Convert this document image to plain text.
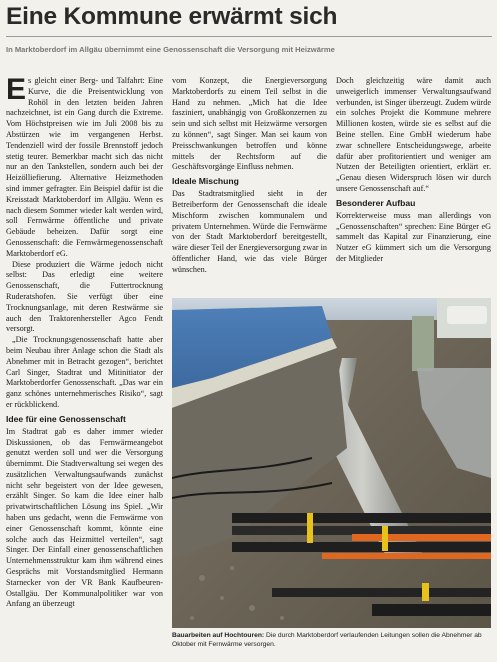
Eine Kommune erwärmt sich
In Marktoberdorf im Allgäu übernimmt eine Genossenschaft die Versorgung mit Heizwärme

Es gleicht einer Berg- und Talfahrt: Eine Kurve, die die Preisentwicklung von Rohöl in den letzten beiden Jahren nachzeichnet, ist ein Gang durch die Extreme. Vom Höchstpreisen wie im Juli 2008 bis zu Abstürzen wie im vergangenen Herbst. Tendenziell wird der fossile Brennstoff jedoch stetig teurer. Bemerkbar macht sich das nicht nur an den Tankstellen, sondern auch bei der Heizölliefierung. Alternative Heizmethoden sind immer gefragter. Ein Beispiel dafür ist die Kreisstadt Marktoberdorf im Allgäu. Wenn es nach diesem Sommer wieder kalt werden wird, soll Fernwärme öffentliche und private Gebäude beheizen. Dafür sorgt eine Genossenschaft: die Fernwärmegenossenschaft Marktoberdorf eG.

Diese produziert die Wärme jedoch nicht selbst: Das erledigt eine weitere Genossenschaft, die Futtertrocknung Ruderatshofen. Sie verfügt über eine Trocknungsanlage, mit deren Restwärme sie auch den Traktorenhersteller Agco Fendt versorgt.

„Die Trocknungsgenossenschaft hatte aber beim Neubau ihrer Anlage schon die Stadt als Abnehmer mit in Betracht gezogen“, berichtet Carl Singer, Stadtrat und Mitinitiator der Marktoberdorfer Genossenschaft. „Das war ein ganz schönes unternehmerisches Risiko“, sagt er rückblickend.

Idee für eine Genossenschaft

Im Stadtrat gab es daher immer wieder Diskussionen, ob das Fernwärmeangebot genutzt werden soll und wer die Versorgung übernimmt. Die Stadtverwaltung sei wegen des zusätzlichen Verwaltungsaufwands zunächst nicht sehr begeistert von der Idee gewesen, erzählt Singer. So kam die Idee einer halb privatwirtschaftlichen Lösung ins Spiel. „Wir haben uns gedacht, wenn die Fernwärme von einer Genossenschaft kommt, könnte eine solche auch das Heizmittel verteilen“, sagt Singer. Der Einfall einer genossenschaftlichen Unternehmensstruktur kam ihm während eines Gesprächs mit Vorstandsmitglied Hermann Starnecker von der VR Bank Kaufbeuren-Ostallgäu. Der Kommunalpolitiker war von Anfang an überzeugt

vom Konzept, die Energieversorgung Marktoberdorfs zu einem Teil selbst in die Hand zu nehmen. „Mich hat die Idee fasziniert, unabhängig von Großkonzernen zu sein und sich selbst mit Heizwärme versorgen zu können“, sagt Singer. Man sei kaum von Preisschwankungen betroffen und könne mittels der Rechtsform auf die Geschäftsvorgänge Einfluss nehmen.

Ideale Mischung

Das Stadtratsmitglied sieht in der Betreiberform der Genossenschaft die ideale Mischform zwischen kommunalem und privatem Unternehmen. Würde die Fernwärme von der Stadt Marktoberdorf bereitgestellt, wäre dieser Teil der Energieversorgung zwar in öffentlicher Hand, wie das viele Bürger wünschen.

Doch gleichzeitig wäre damit auch unweigerlich immenser Verwaltungsaufwand verbunden, ist Singer überzeugt. Zudem würde ein solches Projekt die Kommune mehrere Millionen kosten, würde sie es selbst auf die Beine stellen. Eine GmbH wiederum habe zwar schnellere Entscheidungswege, arbeite dafür aber profitorientiert und weniger am Nutzen der Beteiligten orientiert, erklärt er. „Genau diesen Widerspruch lösen wir durch unsere Genossenschaft auf.“

Besonderer Aufbau

Korrekterweise muss man allerdings von „Genossenschaften“ sprechen: Eine Bürger eG sammelt das Kapital zur Finanzierung, eine Nutzer eG kümmert sich um die Versorgung der Mitglieder

Bauarbeiten auf Hochtouren: Die durch Marktoberdorf verlaufenden Leitungen sollen die Abnehmer ab Oktober mit Fernwärme versorgen.
